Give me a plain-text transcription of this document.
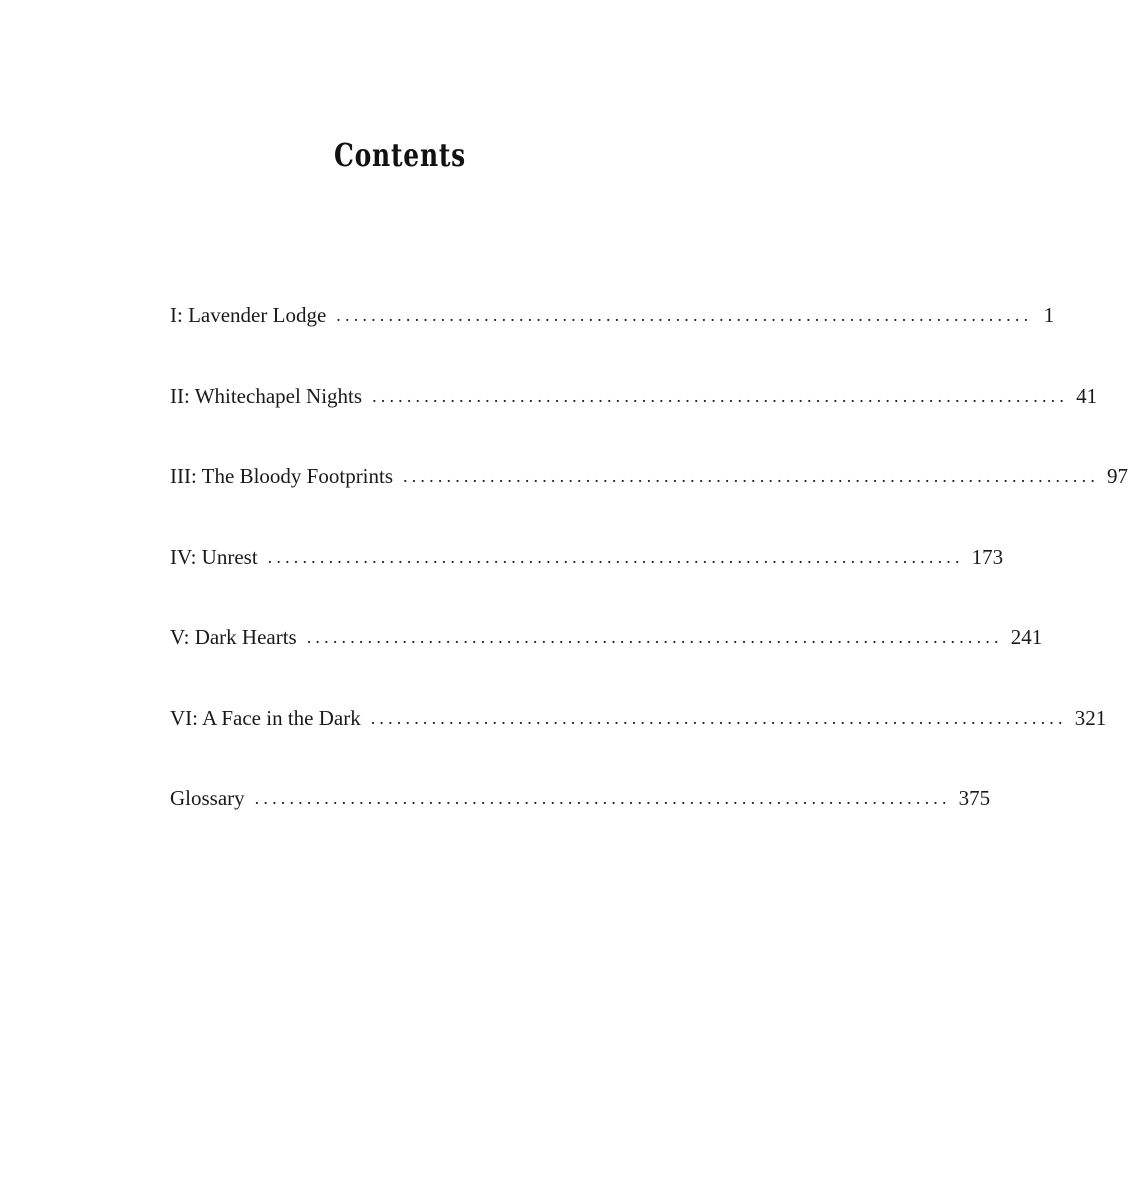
Contents
I: Lavender Lodge ................................................................................ 1
II: Whitechapel Nights ................................................................................ 41
III: The Bloody Footprints ................................................................................ 97
IV: Unrest ................................................................................ 173
V: Dark Hearts ................................................................................ 241
VI: A Face in the Dark ................................................................................ 321
Glossary ................................................................................ 375
